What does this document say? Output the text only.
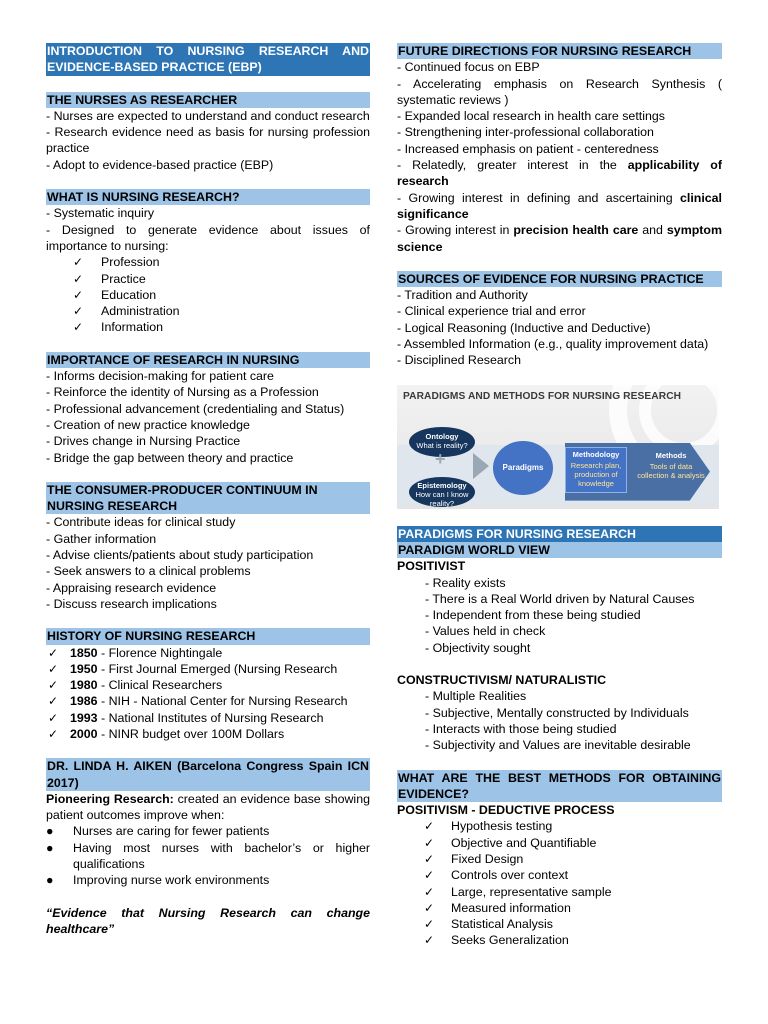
INTRODUCTION TO NURSING RESEARCH AND EVIDENCE-BASED PRACTICE (EBP)
THE NURSES AS RESEARCHER
- Nurses are expected to understand and conduct research
- Research evidence need as basis for nursing profession practice
- Adopt to evidence-based practice (EBP)
WHAT IS NURSING RESEARCH?
- Systematic inquiry
- Designed to generate evidence about issues of importance to nursing:
✓ Profession
✓ Practice
✓ Education
✓ Administration
✓ Information
IMPORTANCE OF RESEARCH IN NURSING
- Informs decision-making for patient care
- Reinforce the identity of Nursing as a Profession
- Professional advancement (credentialing and Status)
- Creation of new practice knowledge
- Drives change in Nursing Practice
- Bridge the gap between theory and practice
THE CONSUMER-PRODUCER CONTINUUM IN NURSING RESEARCH
- Contribute ideas for clinical study
- Gather information
- Advise clients/patients about study participation
- Seek answers to a clinical problems
- Appraising research evidence
- Discuss research implications
HISTORY OF NURSING RESEARCH
✓ 1850 - Florence Nightingale
✓ 1950 - First Journal Emerged (Nursing Research
✓ 1980 - Clinical Researchers
✓ 1986 - NIH - National Center for Nursing Research
✓ 1993 - National Institutes of Nursing Research
✓ 2000 - NINR budget over 100M Dollars
DR. LINDA H. AIKEN (Barcelona Congress Spain ICN 2017)
Pioneering Research: created an evidence base showing patient outcomes improve when:
● Nurses are caring for fewer patients
● Having most nurses with bachelor’s or higher qualifications
● Improving nurse work environments
“Evidence that Nursing Research can change healthcare”
FUTURE DIRECTIONS FOR NURSING RESEARCH
- Continued focus on EBP
- Accelerating emphasis on Research Synthesis ( systematic reviews )
- Expanded local research in health care settings
- Strengthening inter-professional collaboration
- Increased emphasis on patient - centeredness
- Relatedly, greater interest in the applicability of research
- Growing interest in defining and ascertaining clinical significance
- Growing interest in precision health care and symptom science
SOURCES OF EVIDENCE FOR NURSING PRACTICE
- Tradition and Authority
- Clinical experience trial and error
- Logical Reasoning (Inductive and Deductive)
- Assembled Information (e.g., quality improvement data)
- Disciplined Research
PARADIGMS AND METHODS FOR NURSING RESEARCH
Ontology
What is reality?
+
Epistemology
How can I know reality?
Paradigms
Methodology
Research plan, production of knowledge
Methods
Tools of data collection & analysis
PARADIGMS FOR NURSING RESEARCH
PARADIGM WORLD VIEW
POSITIVIST
- Reality exists
- There is a Real World driven by Natural Causes
- Independent from these being studied
- Values held in check
- Objectivity sought
CONSTRUCTIVISM/ NATURALISTIC
- Multiple Realities
- Subjective, Mentally constructed by Individuals
- Interacts with those being studied
- Subjectivity and Values are inevitable desirable
WHAT ARE THE BEST METHODS FOR OBTAINING EVIDENCE?
POSITIVISM - DEDUCTIVE PROCESS
✓ Hypothesis testing
✓ Objective and Quantifiable
✓ Fixed Design
✓ Controls over context
✓ Large, representative sample
✓ Measured information
✓ Statistical Analysis
✓ Seeks Generalization
